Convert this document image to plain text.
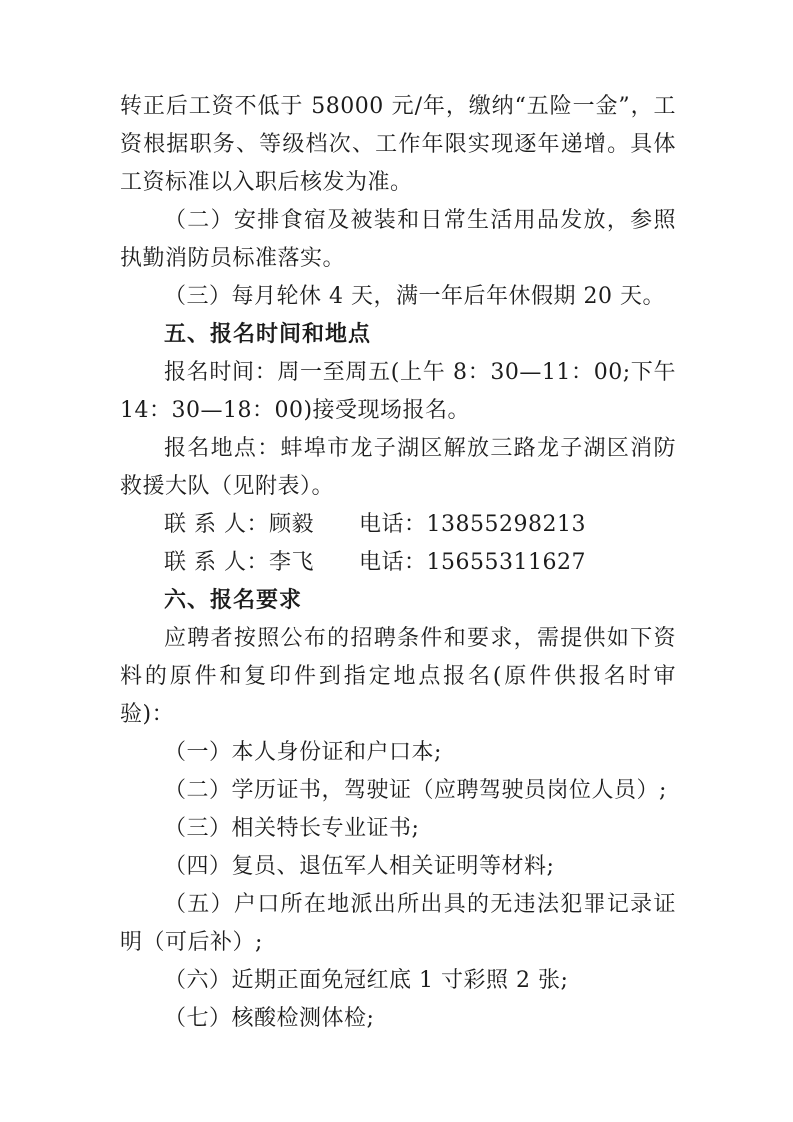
转正后工资不低于 58000 元/年，缴纳“五险一金”，工资根据职务、等级档次、工作年限实现逐年递增。具体工资标准以入职后核发为准。

（二）安排食宿及被装和日常生活用品发放，参照执勤消防员标准落实。

（三）每月轮休 4 天，满一年后年休假期 20 天。

五、报名时间和地点

报名时间：周一至周五(上午 8：30—11：00;下午 14：30—18：00)接受现场报名。

报名地点：蚌埠市龙子湖区解放三路龙子湖区消防救援大队（见附表）。

联 系 人：顾毅　　电话：13855298213

联 系 人：李飞　　电话：15655311627

六、报名要求

应聘者按照公布的招聘条件和要求，需提供如下资料的原件和复印件到指定地点报名(原件供报名时审验)：

（一）本人身份证和户口本;

（二）学历证书，驾驶证（应聘驾驶员岗位人员）;

（三）相关特长专业证书;

（四）复员、退伍军人相关证明等材料;

（五）户口所在地派出所出具的无违法犯罪记录证明（可后补）;

（六）近期正面免冠红底 1 寸彩照 2 张;

（七）核酸检测体检;
